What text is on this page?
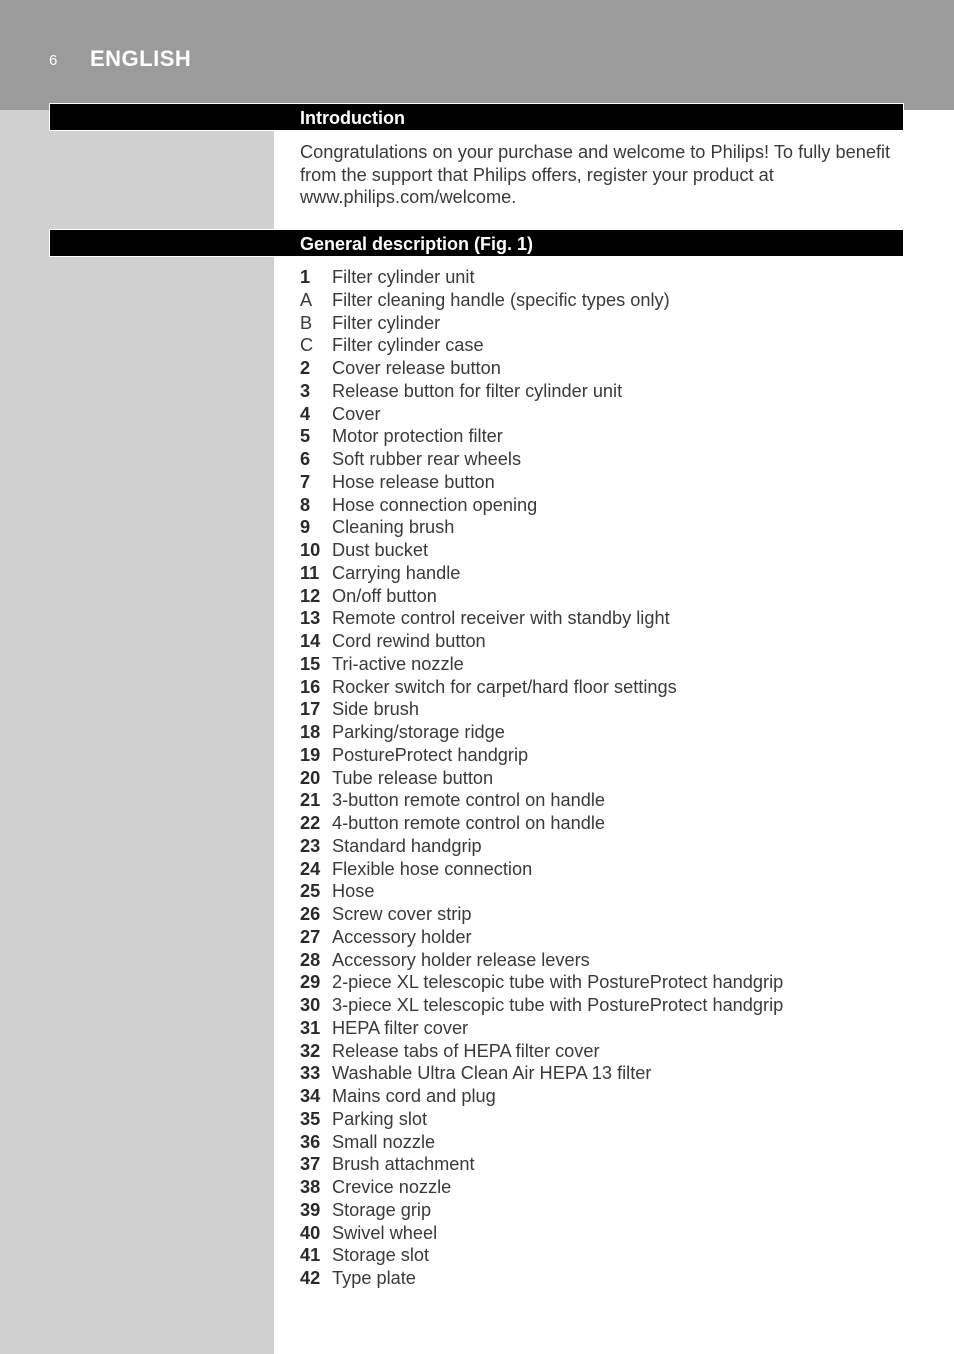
6 ENGLISH
Introduction
Congratulations on your purchase and welcome to Philips! To fully benefit from the support that Philips offers, register your product at www.philips.com/welcome.
General description (Fig. 1)
1	Filter cylinder unit
A	Filter cleaning handle (specific types only)
B	Filter cylinder
C	Filter cylinder case
2	Cover release button
3	Release button for filter cylinder unit
4	Cover
5	Motor protection filter
6	Soft rubber rear wheels
7	Hose release button
8	Hose connection opening
9	Cleaning brush
10 Dust bucket
11 Carrying handle
12 On/off button
13 Remote control receiver with standby light
14 Cord rewind button
15 Tri-active nozzle
16 Rocker switch for carpet/hard floor settings
17 Side brush
18 Parking/storage ridge
19 PostureProtect handgrip
20 Tube release button
21 3-button remote control on handle
22 4-button remote control on handle
23 Standard handgrip
24 Flexible hose connection
25 Hose
26 Screw cover strip
27 Accessory holder
28 Accessory holder release levers
29 2-piece XL telescopic tube with PostureProtect handgrip
30 3-piece XL telescopic tube with PostureProtect handgrip
31 HEPA filter cover
32 Release tabs of HEPA filter cover
33 Washable Ultra Clean Air HEPA 13 filter
34 Mains cord and plug
35 Parking slot
36 Small nozzle
37 Brush attachment
38 Crevice nozzle
39 Storage grip
40 Swivel wheel
41 Storage slot
42 Type plate
